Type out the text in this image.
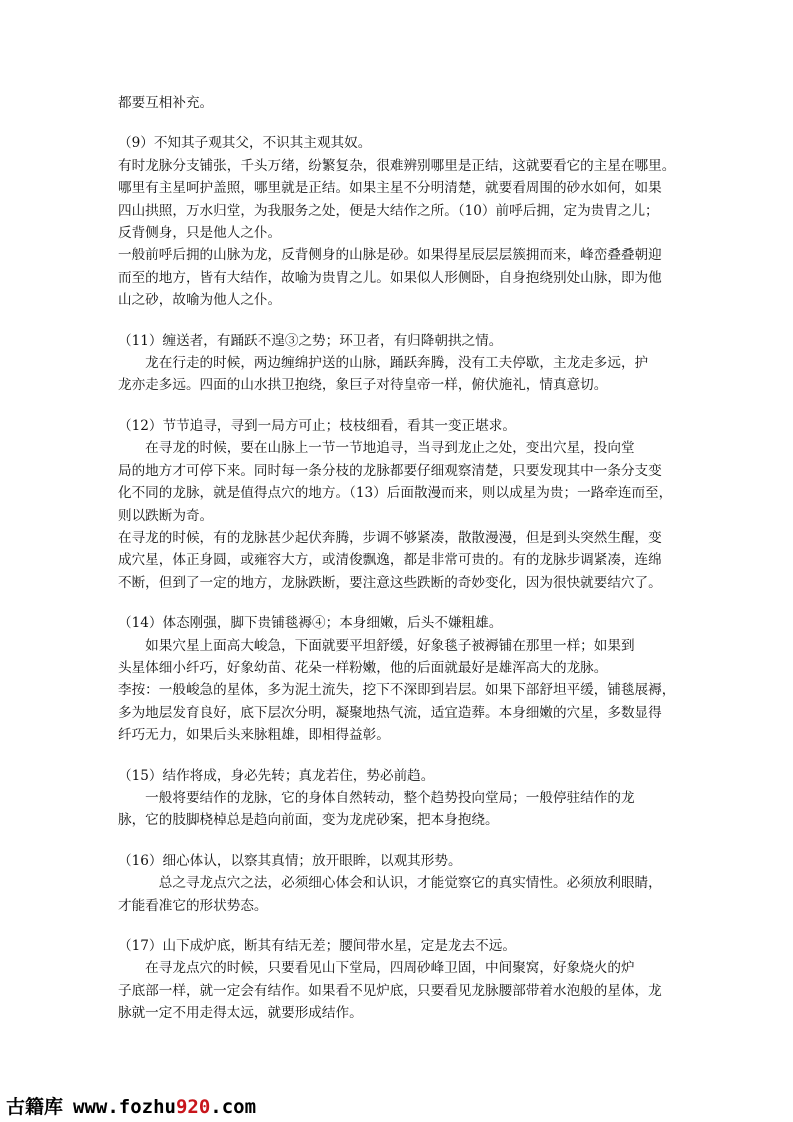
都要互相补充。

（9）不知其子观其父，不识其主观其奴。

有时龙脉分支铺张，千头万绪，纷繁复杂，很难辨别哪里是正结，这就要看它的主星在哪里。

哪里有主星呵护盖照，哪里就是正结。如果主星不分明清楚，就要看周围的砂水如何，如果

四山拱照，万水归堂，为我服务之处，便是大结作之所。（10）前呼后拥，定为贵胄之儿；

反背侧身，只是他人之仆。

一般前呼后拥的山脉为龙，反背侧身的山脉是砂。如果得星辰层层簇拥而来，峰峦叠叠朝迎

而至的地方，皆有大结作，故喻为贵胄之儿。如果似人形侧卧，自身抱绕别处山脉，即为他

山之砂，故喻为他人之仆。

（11）缠送者，有踊跃不遑③之势；环卫者，有归降朝拱之情。

　　龙在行走的时候，两边缠绵护送的山脉，踊跃奔腾，没有工夫停歇，主龙走多远，护

龙亦走多远。四面的山水拱卫抱绕，象巨子对待皇帝一样，俯伏施礼，情真意切。

（12）节节追寻，寻到一局方可止；枝枝细看，看其一变正堪求。

　　在寻龙的时候，要在山脉上一节一节地追寻，当寻到龙止之处，变出穴星，投向堂

局的地方才可停下来。同时每一条分枝的龙脉都要仔细观察清楚，只要发现其中一条分支变

化不同的龙脉，就是值得点穴的地方。（13）后面散漫而来，则以成星为贵；一路牵连而至，

则以跌断为奇。

在寻龙的时候，有的龙脉甚少起伏奔腾，步调不够紧凑，散散漫漫，但是到头突然生醒，变

成穴星，体正身圆，或雍容大方，或清俊飘逸，都是非常可贵的。有的龙脉步调紧凑，连绵

不断，但到了一定的地方，龙脉跌断，要注意这些跌断的奇妙变化，因为很快就要结穴了。

（14）体态刚强，脚下贵铺毯褥④；本身细嫩，后头不嫌粗雄。

　　如果穴星上面高大峻急，下面就要平坦舒缓，好象毯子被褥铺在那里一样；如果到

头星体细小纤巧，好象幼苗、花朵一样粉嫩，他的后面就最好是雄浑高大的龙脉。

李按：一般峻急的星体，多为泥土流失，挖下不深即到岩层。如果下部舒坦平缓，铺毯展褥，

多为地层发育良好，底下层次分明，凝聚地热气流，适宜造葬。本身细嫩的穴星，多数显得

纤巧无力，如果后头来脉粗雄，即相得益彰。

（15）结作将成，身必先转；真龙若住，势必前趋。

　　一般将要结作的龙脉，它的身体自然转动，整个趋势投向堂局；一般停驻结作的龙

脉，它的肢脚桡棹总是趋向前面，变为龙虎砂案，把本身抱绕。

（16）细心体认，以察其真情；放开眼眸，以观其形势。

　　　总之寻龙点穴之法，必须细心体会和认识，才能觉察它的真实情性。必须放利眼睛，

才能看准它的形状势态。

（17）山下成炉底，断其有结无差；腰间带水星，定是龙去不远。

　　在寻龙点穴的时候，只要看见山下堂局，四周砂峰卫固，中间聚窝，好象烧火的炉

子底部一样，就一定会有结作。如果看不见炉底，只要看见龙脉腰部带着水泡般的星体，龙

脉就一定不用走得太远，就要形成结作。

古籍库 www.fozhu920.com
